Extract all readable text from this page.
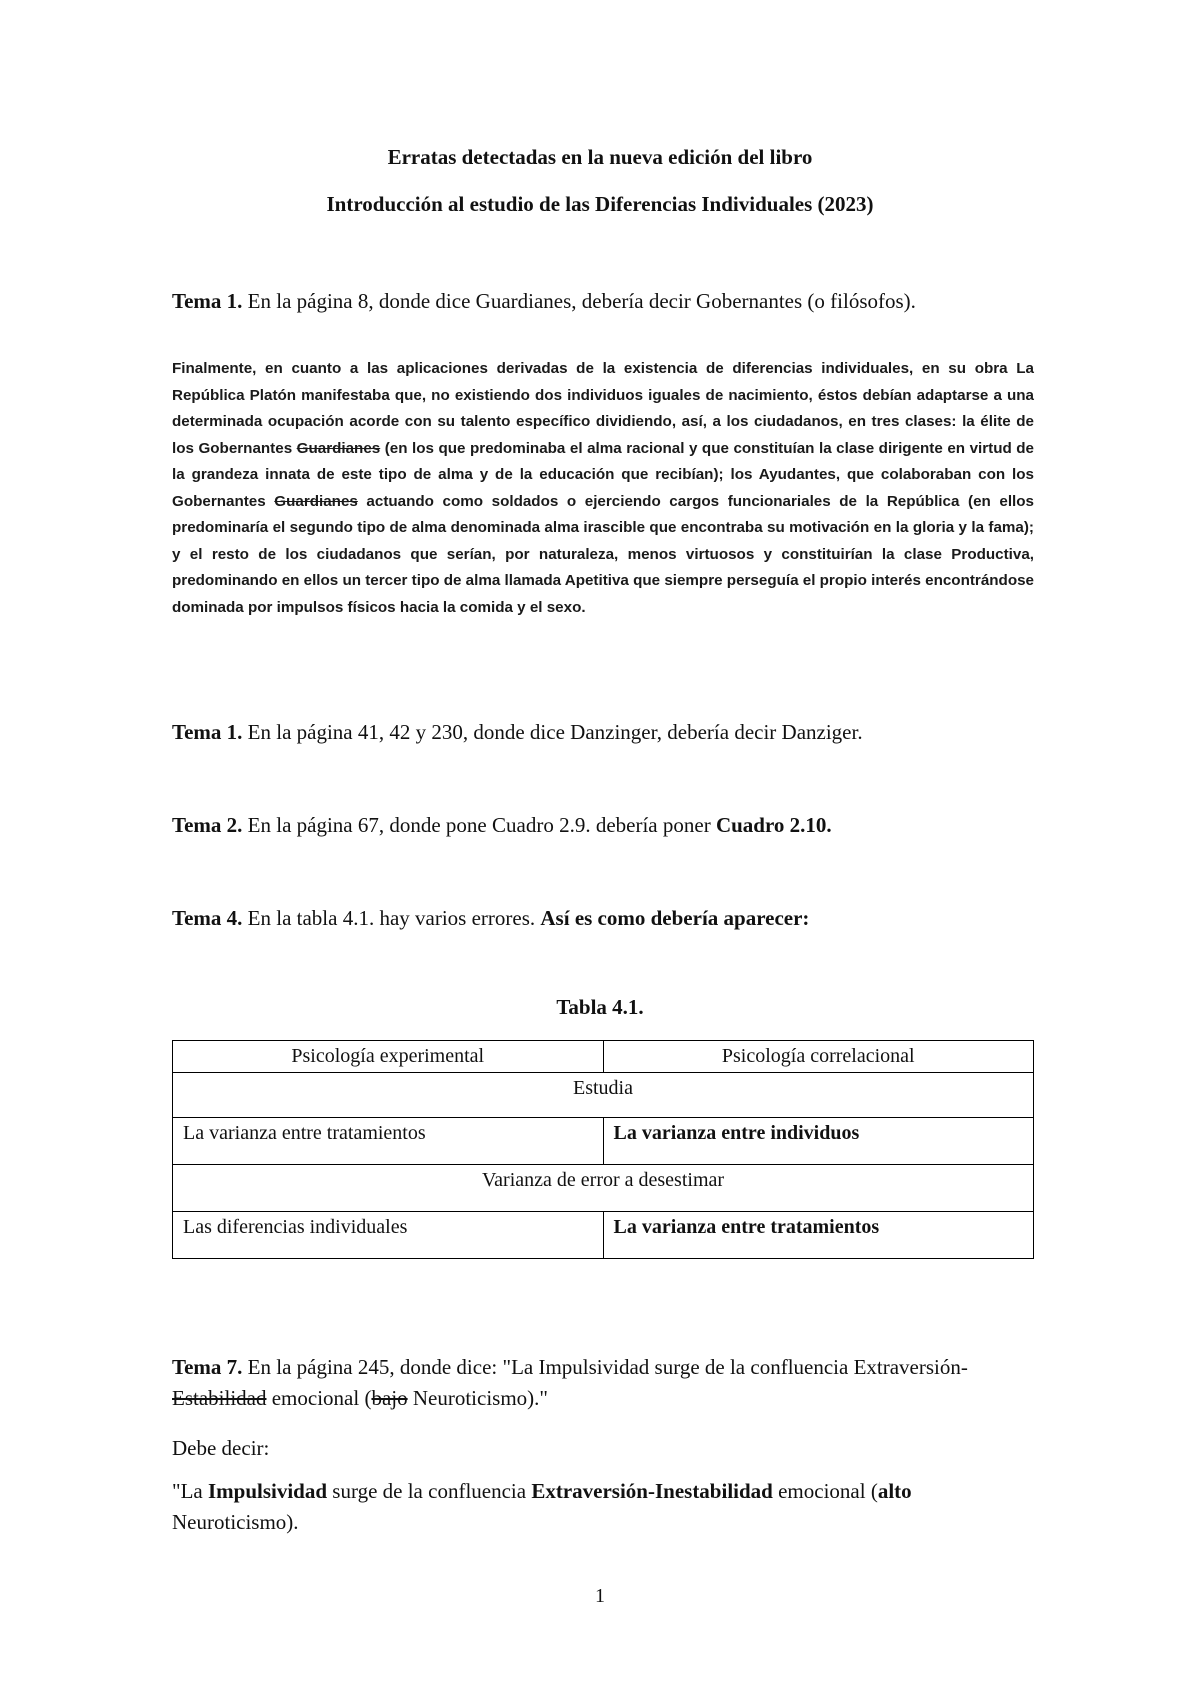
Erratas detectadas en la nueva edición del libro
Introducción al estudio de las Diferencias Individuales (2023)
Tema 1. En la página 8, donde dice Guardianes, debería decir Gobernantes (o filósofos).
Finalmente, en cuanto a las aplicaciones derivadas de la existencia de diferencias individuales, en su obra La República Platón manifestaba que, no existiendo dos individuos iguales de nacimiento, éstos debían adaptarse a una determinada ocupación acorde con su talento específico dividiendo, así, a los ciudadanos, en tres clases: la élite de los Gobernantes Guardianes (en los que predominaba el alma racional y que constituían la clase dirigente en virtud de la grandeza innata de este tipo de alma y de la educación que recibían); los Ayudantes, que colaboraban con los Gobernantes Guardianes actuando como soldados o ejerciendo cargos funcionariales de la República (en ellos predominaría el segundo tipo de alma denominada alma irascible que encontraba su motivación en la gloria y la fama); y el resto de los ciudadanos que serían, por naturaleza, menos virtuosos y constituirían la clase Productiva, predominando en ellos un tercer tipo de alma llamada Apetitiva que siempre perseguía el propio interés encontrándose dominada por impulsos físicos hacia la comida y el sexo.
Tema 1. En la página 41, 42 y 230, donde dice Danzinger, debería decir Danziger.
Tema 2. En la página 67, donde pone Cuadro 2.9. debería poner Cuadro 2.10.
Tema 4. En la tabla 4.1. hay varios errores. Así es como debería aparecer:
Tabla 4.1.
Psicología experimental	Psicología correlacional
Estudia	
La varianza entre tratamientos	La varianza entre individuos
Varianza de error a desestimar	
Las diferencias individuales	La varianza entre tratamientos
Tema 7. En la página 245, donde dice: "La Impulsividad surge de la confluencia Extraversión-Estabilidad emocional (bajo Neuroticismo)."
Debe decir:
"La Impulsividad surge de la confluencia Extraversión-Inestabilidad emocional (alto Neuroticismo).
1
